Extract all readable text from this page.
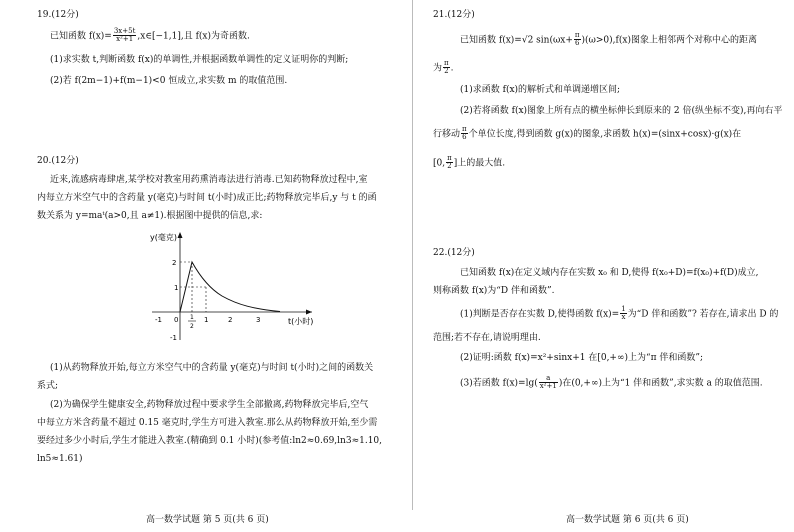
19.(12分)
已知函数 $f(x)= \frac{3x+5t}{\text{x²+1}}$ ,x∈[−1,1],且 f(x)为奇函数.
(1)求实数 t,判断函数 f(x)的单调性,并根据函数单调性的定义证明你的判断;
(2)若 f(2m−1)+f(m−1)<0 恒成立,求实数 m 的取值范围.
20.(12分)
近来,流感病毒肆虐,某学校对教室用药熏消毒法进行消毒.已知药物释放过程中,室
内每立方米空气中的含药量 y(毫克)与时间 t(小时)成正比;药物释放完毕后,y 与 t 的函
数关系为 y=maᵗ(a>0,且 a≠1).根据图中提供的信息,求:
y(毫克)
t(小时)
2
1
-1
-1 0	1	2	3
1
2
(1)从药物释放开始,每立方米空气中的含药量 y(毫克)与时间 t(小时)之间的函数关
系式;
(2)为确保学生健康安全,药物释放过程中要求学生全部撤离,药物释放完毕后,空气
中每立方米含药量不超过 0.15 毫克时,学生方可进入教室.那么从药物释放开始,至少需
要经过多少小时后,学生才能进入教室.(精确到 0.1 小时)(参考值:ln2≈0.69,ln3≈1.10,
ln5≈1.61)
高一数学试题 第 5 页(共 6 页)
21.(12分)
已知函数 f(x)=√2 $\sin(\omega x+ \frac{\pi}{6} )(\omega>0),f(x)$图象上相邻两个对称中心的距离
为 $\frac{\pi}{2}$ .
(1)求函数 f(x)的解析式和单调递增区间;
(2)若将函数 f(x)图象上所有点的横坐标伸长到原来的 2 倍(纵坐标不变),再向右平
行移动 $\frac{\pi}{6}$ 个单位长度,得到函数 g(x)的图象,求函数 h(x)=(sinx+cosx)·g(x)在
[0, $\frac{\pi}{2}$ ]上的最大值.
22.(12分)
已知函数 f(x)在定义域内存在实数 x₀ 和 D,使得 f(x₀+D)=f(x₀)+f(D)成立,
则称函数 f(x)为“D 伴和函数”.
(1)判断是否存在实数 D,使得函数 $f(x)= \frac{1}{x}$ 为“D 伴和函数”? 若存在,请求出 D 的
范围;若不存在,请说明理由.
(2)证明:函数 f(x)=x²+sinx+1 在[0,+∞)上为“π 伴和函数”;
(3)若函数 $f(x)=\lg( \frac{a}{\text{x²+1}}$ )在(0,+∞)上为“1 伴和函数”,求实数 a 的取值范围.
高一数学试题 第 6 页(共 6 页)
